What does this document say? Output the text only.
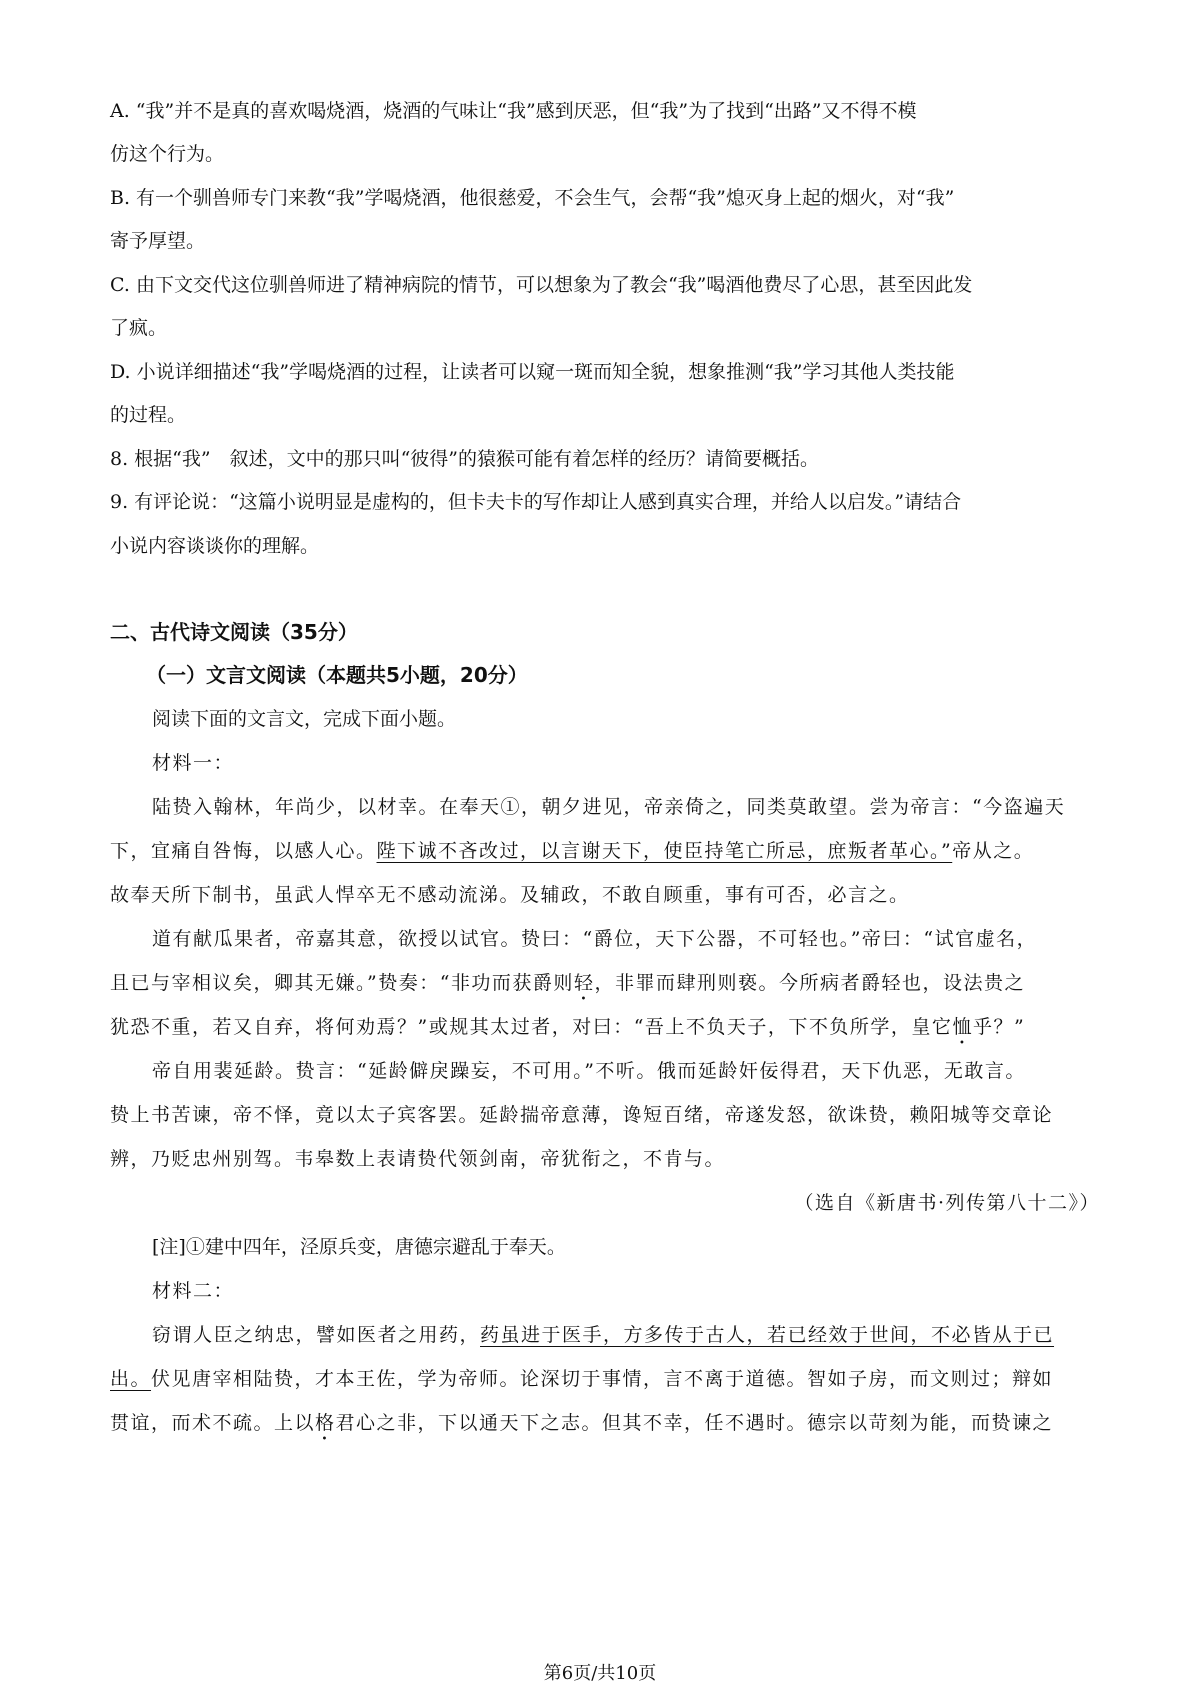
A. “我”并不是真的喜欢喝烧酒，烧酒的气味让“我”感到厌恶，但“我”为了找到“出路”又不得不模

仿这个行为。

B. 有一个驯兽师专门来教“我”学喝烧酒，他很慈爱，不会生气，会帮“我”熄灭身上起的烟火，对“我”

寄予厚望。

C. 由下文交代这位驯兽师进了精神病院的情节，可以想象为了教会“我”喝酒他费尽了心思，甚至因此发

了疯。

D. 小说详细描述“我”学喝烧酒的过程，让读者可以窥一斑而知全貌，想象推测“我”学习其他人类技能

的过程。

8. 根据“我”　叙述，文中的那只叫“彼得”的猿猴可能有着怎样的经历？请简要概括。

9. 有评论说：“这篇小说明显是虚构的，但卡夫卡的写作却让人感到真实合理，并给人以启发。”请结合

小说内容谈谈你的理解。

二、古代诗文阅读（35分）

（一）文言文阅读（本题共5小题，20分）

阅读下面的文言文，完成下面小题。

材料一：

陆贽入翰林，年尚少，以材幸。在奉天①，朝夕进见，帝亲倚之，同类莫敢望。尝为帝言：“今盗遍天

下，宜痛自咎悔，以感人心。陛下诚不吝改过，以言谢天下，使臣持笔亡所忌，庶叛者革心。”帝从之。

故奉天所下制书，虽武人悍卒无不感动流涕。及辅政，不敢自顾重，事有可否，必言之。

道有献瓜果者，帝嘉其意，欲授以试官。贽曰：“爵位，天下公器，不可轻也。”帝曰：“试官虚名，

且已与宰相议矣，卿其无嫌。”贽奏：“非功而获爵则轻，非罪而肆刑则亵。今所病者爵轻也，设法贵之

犹恐不重，若又自弃，将何劝焉？”或规其太过者，对曰：“吾上不负天子，下不负所学，皇它恤乎？”

帝自用裴延龄。贽言：“延龄僻戾躁妄，不可用。”不听。俄而延龄奸佞得君，天下仇恶，无敢言。

贽上书苦谏，帝不怿，竟以太子宾客罢。延龄揣帝意薄，谗短百绪，帝遂发怒，欲诛贽，赖阳城等交章论

辨，乃贬忠州别驾。韦皋数上表请贽代领剑南，帝犹衔之，不肯与。

（选自《新唐书·列传第八十二》）

[注]①建中四年，泾原兵变，唐德宗避乱于奉天。

材料二：

窃谓人臣之纳忠，譬如医者之用药，药虽进于医手，方多传于古人，若已经效于世间，不必皆从于已

出。伏见唐宰相陆贽，才本王佐，学为帝师。论深切于事情，言不离于道德。智如子房，而文则过；辩如

贯谊，而术不疏。上以格君心之非，下以通天下之志。但其不幸，任不遇时。德宗以苛刻为能，而贽谏之

第6页/共10页
